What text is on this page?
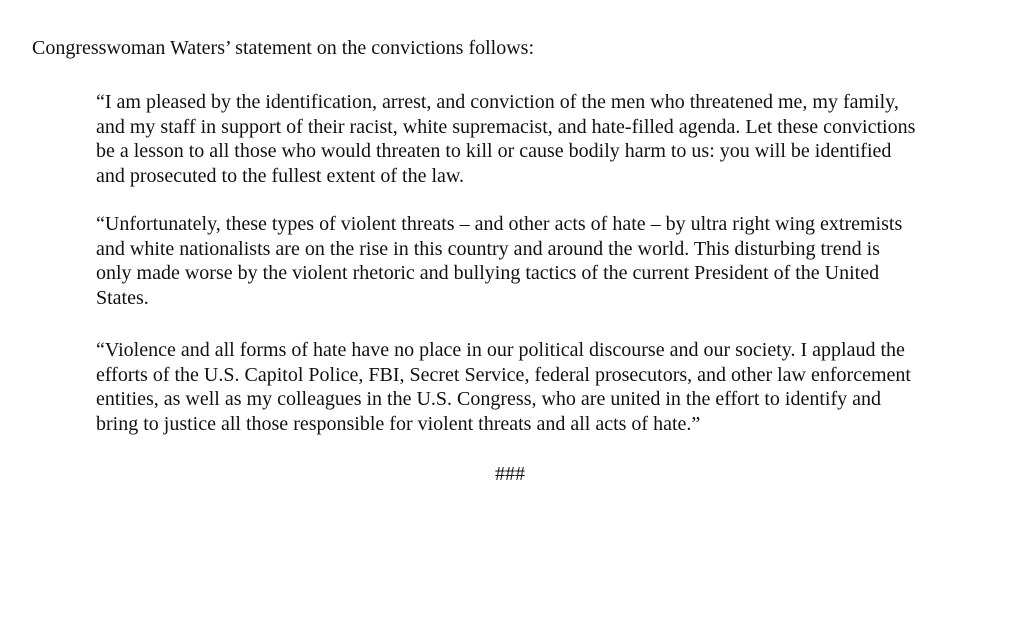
Congresswoman Waters’ statement on the convictions follows:

“I am pleased by the identification, arrest, and conviction of the men who threatened me, my family,
and my staff in support of their racist, white supremacist, and hate-filled agenda. Let these convictions
be a lesson to all those who would threaten to kill or cause bodily harm to us: you will be identified
and prosecuted to the fullest extent of the law.
“Unfortunately, these types of violent threats – and other acts of hate – by ultra right wing extremists
and white nationalists are on the rise in this country and around the world. This disturbing trend is
only made worse by the violent rhetoric and bullying tactics of the current President of the United
States.
“Violence and all forms of hate have no place in our political discourse and our society. I applaud the
efforts of the U.S. Capitol Police, FBI, Secret Service, federal prosecutors, and other law enforcement
entities, as well as my colleagues in the U.S. Congress, who are united in the effort to identify and
bring to justice all those responsible for violent threats and all acts of hate.”

###
